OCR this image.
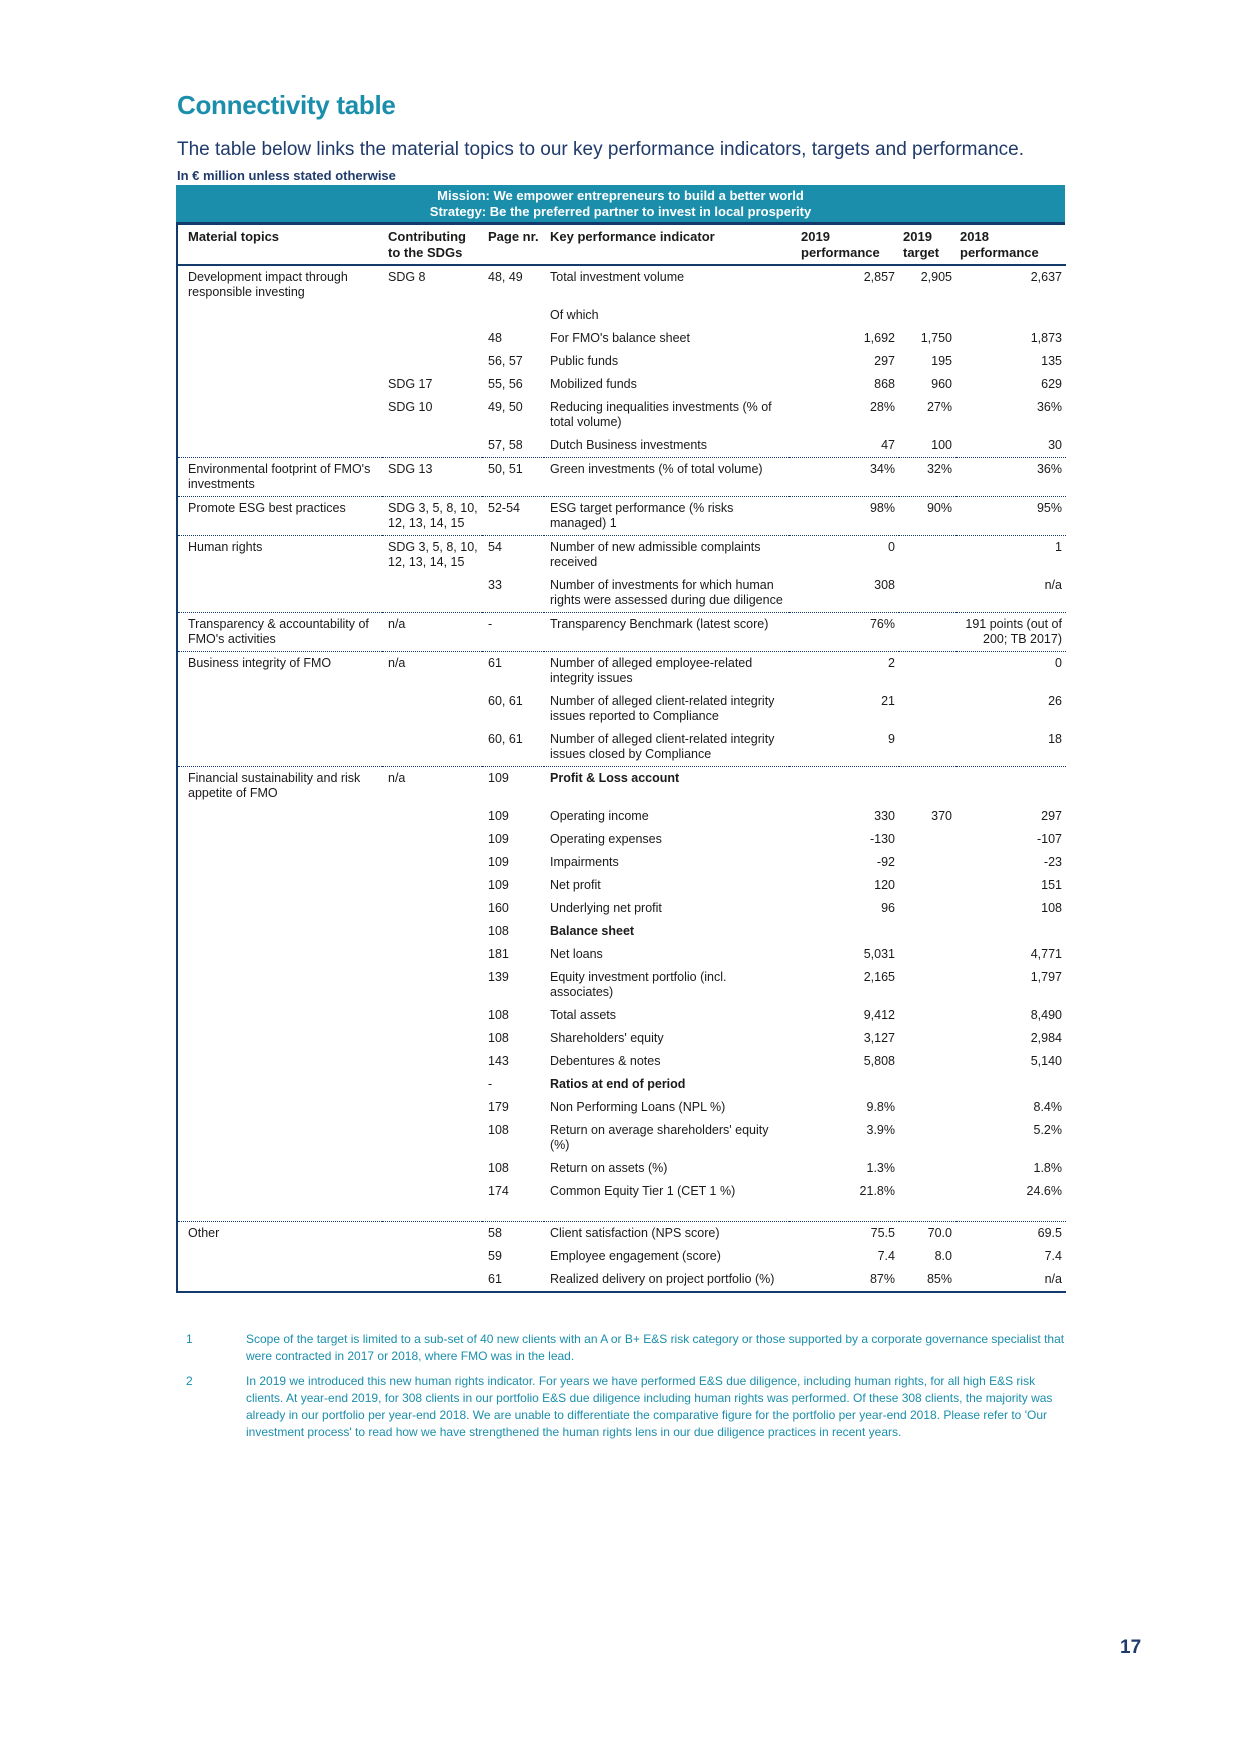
Connectivity table
The table below links the material topics to our key performance indicators, targets and performance.
In € million unless stated otherwise
Mission: We empower entrepreneurs to build a better world
Strategy: Be the preferred partner to invest in local prosperity
Material topics	Contributing to the SDGs	Page nr.	Key performance indicator	2019 performance	2019 target	2018 performance
Development impact through responsible investing	SDG 8	48, 49	Total investment volume	2,857	2,905	2,637
			Of which			
		48	For FMO's balance sheet	1,692	1,750	1,873
		56, 57	Public funds	297	195	135
	SDG 17	55, 56	Mobilized funds	868	960	629
	SDG 10	49, 50	Reducing inequalities investments (% of total volume)	28%	27%	36%
		57, 58	Dutch Business investments	47	100	30
Environmental footprint of FMO's investments	SDG 13	50, 51	Green investments (% of total volume)	34%	32%	36%
Promote ESG best practices	SDG 3, 5, 8, 10, 12, 13, 14, 15	52-54	ESG target performance (% risks managed) 1	98%	90%	95%
Human rights	SDG 3, 5, 8, 10, 12, 13, 14, 15	54	Number of new admissible complaints received	0		1
		33	Number of investments for which human rights were assessed during due diligence	308		n/a
Transparency & accountability of FMO's activities	n/a	-	Transparency Benchmark (latest score)	76%		191 points (out of 200; TB 2017)
Business integrity of FMO	n/a	61	Number of alleged employee-related integrity issues	2		0
		60, 61	Number of alleged client-related integrity issues reported to Compliance	21		26
		60, 61	Number of alleged client-related integrity issues closed by Compliance	9		18
Financial sustainability and risk appetite of FMO	n/a	109	Profit & Loss account			
		109	Operating income	330	370	297
		109	Operating expenses	-130		-107
		109	Impairments	-92		-23
		109	Net profit	120		151
		160	Underlying net profit	96		108
		108	Balance sheet			
		181	Net loans	5,031		4,771
		139	Equity investment portfolio (incl. associates)	2,165		1,797
		108	Total assets	9,412		8,490
		108	Shareholders' equity	3,127		2,984
		143	Debentures & notes	5,808		5,140
		-	Ratios at end of period			
		179	Non Performing Loans (NPL %)	9.8%		8.4%
		108	Return on average shareholders' equity (%)	3.9%		5.2%
		108	Return on assets (%)	1.3%		1.8%
		174	Common Equity Tier 1 (CET 1 %)	21.8%		24.6%

Other		58	Client satisfaction (NPS score)	75.5	70.0	69.5
		59	Employee engagement (score)	7.4	8.0	7.4
		61	Realized delivery on project portfolio (%)	87%	85%	n/a
1	Scope of the target is limited to a sub-set of 40 new clients with an A or B+ E&S risk category or those supported by a corporate governance specialist that were contracted in 2017 or 2018, where FMO was in the lead.
2	In 2019 we introduced this new human rights indicator. For years we have performed E&S due diligence, including human rights, for all high E&S risk clients. At year-end 2019, for 308 clients in our portfolio E&S due diligence including human rights was performed. Of these 308 clients, the majority was already in our portfolio per year-end 2018. We are unable to differentiate the comparative figure for the portfolio per year-end 2018. Please refer to 'Our investment process' to read how we have strengthened the human rights lens in our due diligence practices in recent years.
17
